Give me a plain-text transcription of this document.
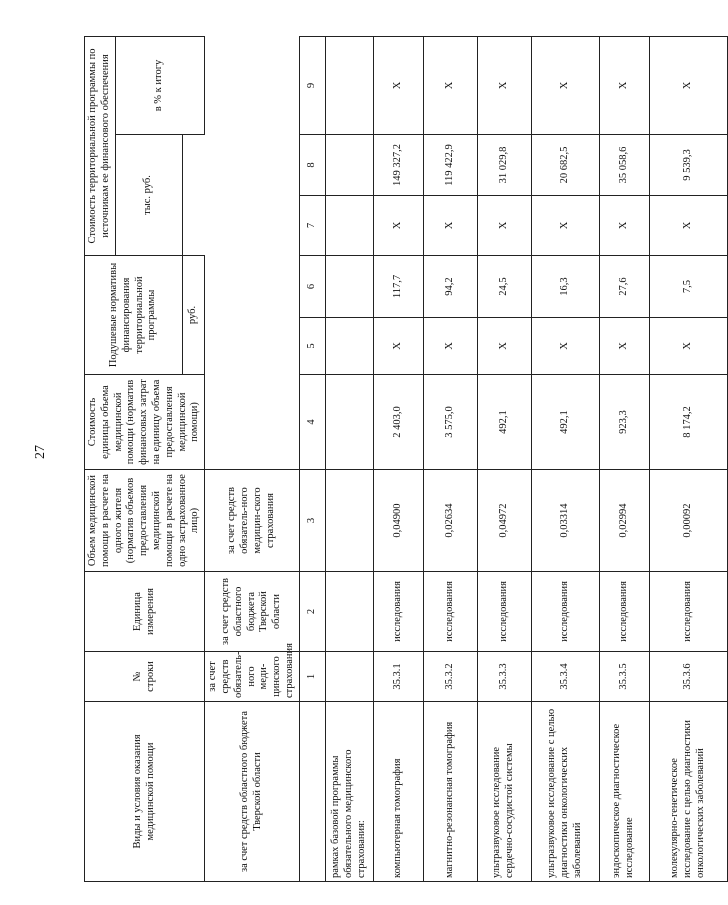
27
Виды и условия оказания медицинской помощи	№ строки	Единица измерения	Объем медицинской помощи в расчете на одного жителя (норматив объемов предоставления медицинской помощи в расчете на одно застрахованное лицо)	Стоимость единицы объема медицинской помощи (норматив финансовых затрат на единицу объема предоставления медицинской помощи)	Подушевые нормативы финансирования территориальной программы		Стоимость территориальной программы по источникам ее финансового обеспечения		
							тыс. руб.		в % к итогу
					руб.				
за счет средств областного бюджета Тверской области	за счет средств обязатель-ного меди-цинского страхования	за счет средств областного бюджета Тверской области	за счет средств обязатель-ного медицин-ского страхования						
	1	2	3	4	5	6	7	8	9
рамках базовой программы обязательного медицинского страхования:									
компьютерная томография	35.3.1	исследования	0,04900	2 403,0	X	117,7	X	149 327,2	X
магнитно-резонансная томография	35.3.2	исследования	0,02634	3 575,0	X	94,2	X	119 422,9	X
ультразвуковое исследование сердечно-сосудистой системы	35.3.3	исследования	0,04972	492,1	X	24,5	X	31 029,8	X
ультразвуковое исследование с целью диагностики онкологических заболеваний	35.3.4	исследования	0,03314	492,1	X	16,3	X	20 682,5	X
эндоскопическое диагностическое исследование	35.3.5	исследования	0,02994	923,3	X	27,6	X	35 058,6	X
молекулярно-генетическое исследование с целью диагностики онкологических заболеваний	35.3.6	исследования	0,00092	8 174,2	X	7,5	X	9 539,3	X
